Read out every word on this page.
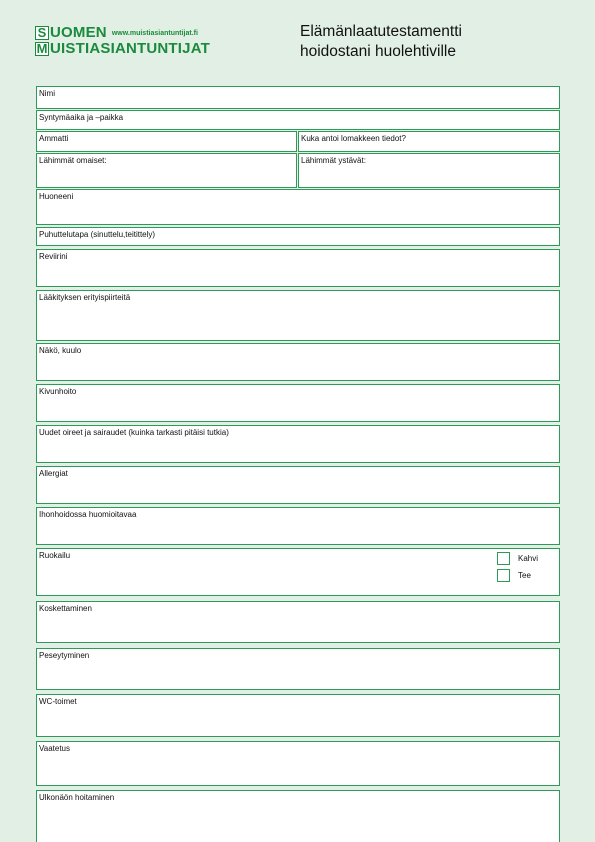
S UOMEN www.muistiasiantuntijat.fi
M UISTIASIANTUNTIJAT
Elämänlaatutestamentti
hoidostani huolehtiville
Nimi
Syntymäaika ja –paikka
Ammatti	Kuka antoi lomakkeen tiedot?
Lähimmät omaiset:	Lähimmät ystävät:
Huoneeni
Puhuttelutapa (sinuttelu,teitittely)
Reviirini
Lääkityksen erityispiirteitä
Näkö, kuulo
Kivunhoito
Uudet oireet ja sairaudet (kuinka tarkasti pitäisi tutkia)
Allergiat
Ihonhoidossa huomioitavaa
Ruokailu	Kahvi
Tee
Koskettaminen
Peseytyminen
WC-toimet
Vaatetus
Ulkonäön hoitaminen
